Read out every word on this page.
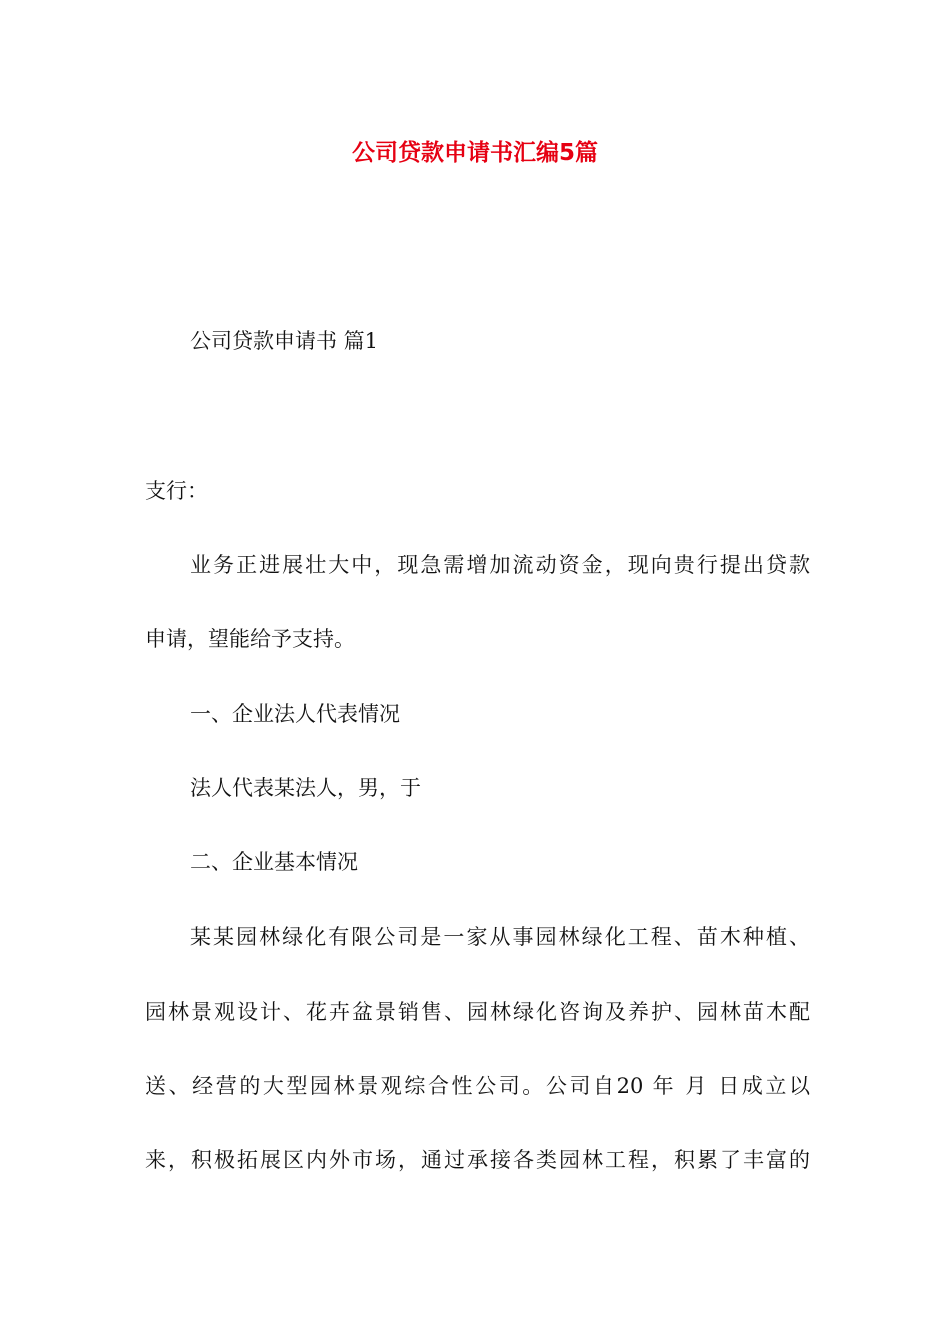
公司贷款申请书汇编5篇

公司贷款申请书 篇1

支行：

业务正进展壮大中，现急需增加流动资金，现向贵行提出贷款

申请，望能给予支持。

一、企业法人代表情况

法人代表某法人，男，于

二、企业基本情况

某某园林绿化有限公司是一家从事园林绿化工程、苗木种植、

园林景观设计、花卉盆景销售、园林绿化咨询及养护、园林苗木配

送、经营的大型园林景观综合性公司。公司自20 年 月 日成立以

来，积极拓展区内外市场，通过承接各类园林工程，积累了丰富的
